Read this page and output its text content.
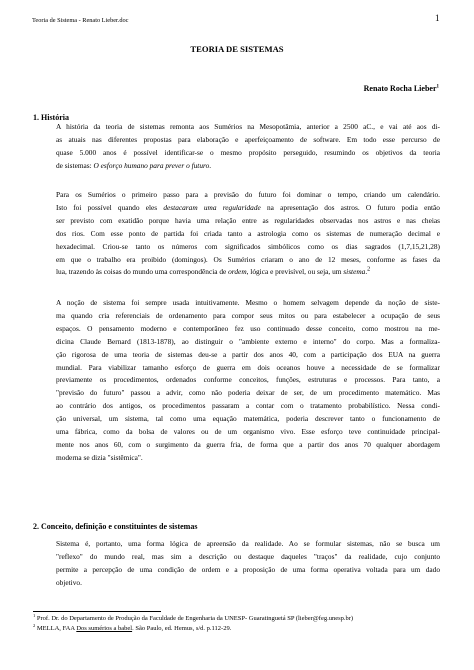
Teoria de Sistema - Renato Lieber.doc	1
TEORIA DE SISTEMAS
Renato Rocha Lieber$^1$
1. História
A história da teoria de sistemas remonta aos Sumérios na Mesopotâmia, anterior a 2500 aC., e vai até aos di-
as atuais nas diferentes propostas para elaboração e aperfeiçoamento de software. Em todo esse percurso de
quase 5.000 anos é possível identificar-se o mesmo propósito perseguido, resumindo os objetivos da teoria
de sistemas: O esforço humano para prever o futuro.
Para os Sumérios o primeiro passo para a previsão do futuro foi dominar o tempo, criando um calendário.
Isto foi possível quando eles destacaram uma regularidade na apresentação dos astros. O futuro podia então
ser previsto com exatidão porque havia uma relação entre as regularidades observadas nos astros e nas cheias
dos rios. Com esse ponto de partida foi criada tanto a astrologia como os sistemas de numeração decimal e
hexadecimal. Criou-se tanto os números com significados simbólicos como os dias sagrados (1,7,15,21,28)
em que o trabalho era proibido (domingos). Os Sumérios criaram o ano de 12 meses, conforme as fases da
lua, trazendo às coisas do mundo uma correspondência de ordem, lógica e previsível, ou seja, um sistema.$^2$
A noção de sistema foi sempre usada intuitivamente. Mesmo o homem selvagem depende da noção de siste-
ma quando cria referenciais de ordenamento para compor seus mitos ou para estabelecer a ocupação de seus
espaços. O pensamento moderno e contemporâneo fez uso continuado desse conceito, como mostrou na me-
dicina Claude Bernard (1813-1878), ao distinguir o "ambiente externo e interno" do corpo. Mas a formaliza-
ção rigorosa de uma teoria de sistemas deu-se a partir dos anos 40, com a participação dos EUA na guerra
mundial. Para viabilizar tamanho esforço de guerra em dois oceanos houve a necessidade de se formalizar
previamente os procedimentos, ordenados conforme conceitos, funções, estruturas e processos. Para tanto, a
"previsão do futuro" passou a advir, como não poderia deixar de ser, de um procedimento matemático. Mas
ao contrário dos antigos, os procedimentos passaram a contar com o tratamento probabilístico. Nessa condi-
ção universal, um sistema, tal como uma equação matemática, poderia descrever tanto o funcionamento de
uma fábrica, como da bolsa de valores ou de um organismo vivo. Esse esforço teve continuidade principal-
mente nos anos 60, com o surgimento da guerra fria, de forma que a partir dos anos 70 qualquer abordagem
moderna se dizia "sistêmica".
2. Conceito, definição e constituintes de sistemas
Sistema é, portanto, uma forma lógica de apreensão da realidade. Ao se formular sistemas, não se busca um
"reflexo" do mundo real, mas sim a descrição ou destaque daqueles "traços" da realidade, cujo conjunto
permite a percepção de uma condição de ordem e a proposição de uma forma operativa voltada para um dado
objetivo.
$^1$ Prof. Dr. do Departamento de Produção da Faculdade de Engenharia da UNESP- Guaratinguetá SP (lieber@feg.unesp.br)
$^2$ MELLA, FAA Dos sumérios a babel. São Paulo, ed. Hemus, s/d. p.112-29.
